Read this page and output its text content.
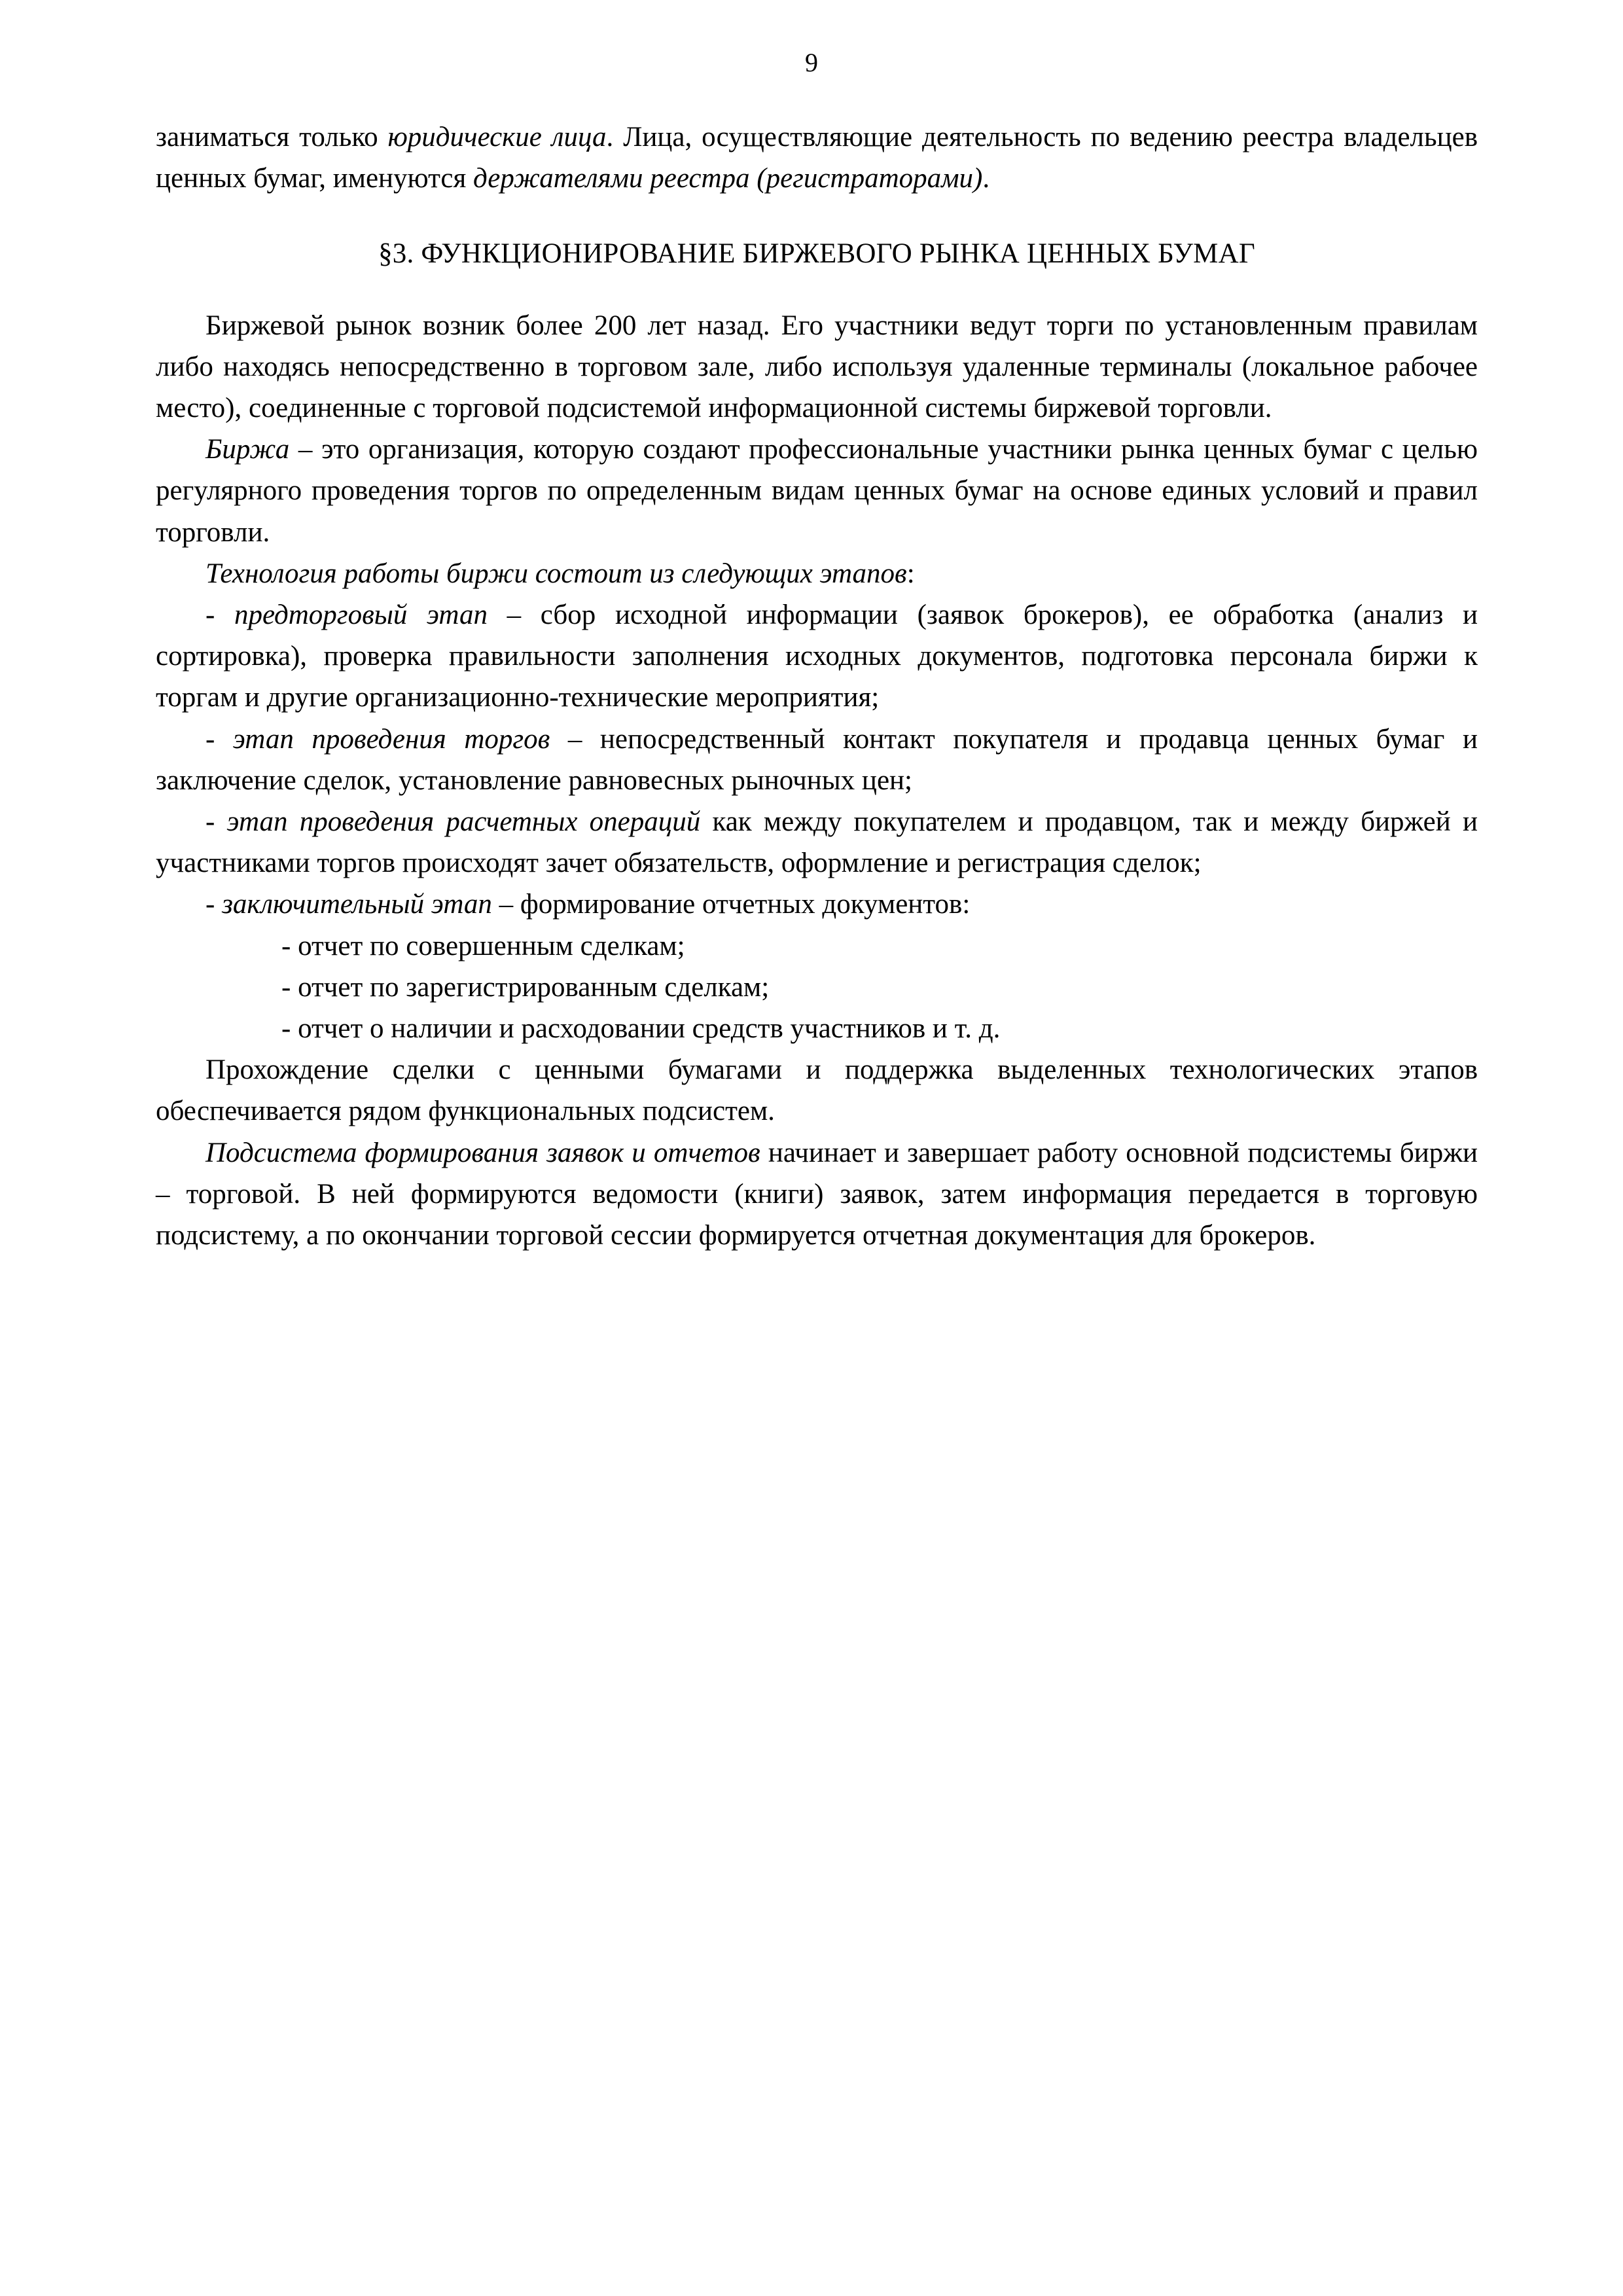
9

заниматься только юридические лица. Лица, осуществляющие деятельность по ведению реестра владельцев ценных бумаг, именуются держателями реестра (регистраторами).

§3. ФУНКЦИОНИРОВАНИЕ БИРЖЕВОГО РЫНКА ЦЕННЫХ БУМАГ

Биржевой рынок возник более 200 лет назад. Его участники ведут торги по установленным правилам либо находясь непосредственно в торговом зале, либо используя удаленные терминалы (локальное рабочее место), соединенные с торговой подсистемой информационной системы биржевой торговли.

Биржа – это организация, которую создают профессиональные участники рынка ценных бумаг с целью регулярного проведения торгов по определенным видам ценных бумаг на основе единых условий и правил торговли.

Технология работы биржи состоит из следующих этапов:

- предторговый этап – сбор исходной информации (заявок брокеров), ее обработка (анализ и сортировка), проверка правильности заполнения исходных документов, подготовка персонала биржи к торгам и другие организационно-технические мероприятия;

- этап проведения торгов – непосредственный контакт покупателя и продавца ценных бумаг и заключение сделок, установление равновесных рыночных цен;

- этап проведения расчетных операций как между покупателем и продавцом, так и между биржей и участниками торгов происходят зачет обязательств, оформление и регистрация сделок;

- заключительный этап – формирование отчетных документов:

- отчет по совершенным сделкам;
- отчет по зарегистрированным сделкам;
- отчет о наличии и расходовании средств участников и т. д.

Прохождение сделки с ценными бумагами и поддержка выделенных технологических этапов обеспечивается рядом функциональных подсистем.

Подсистема формирования заявок и отчетов начинает и завершает работу основной подсистемы биржи – торговой. В ней формируются ведомости (книги) заявок, затем информация передается в торговую подсистему, а по окончании торговой сессии формируется отчетная документация для брокеров.
